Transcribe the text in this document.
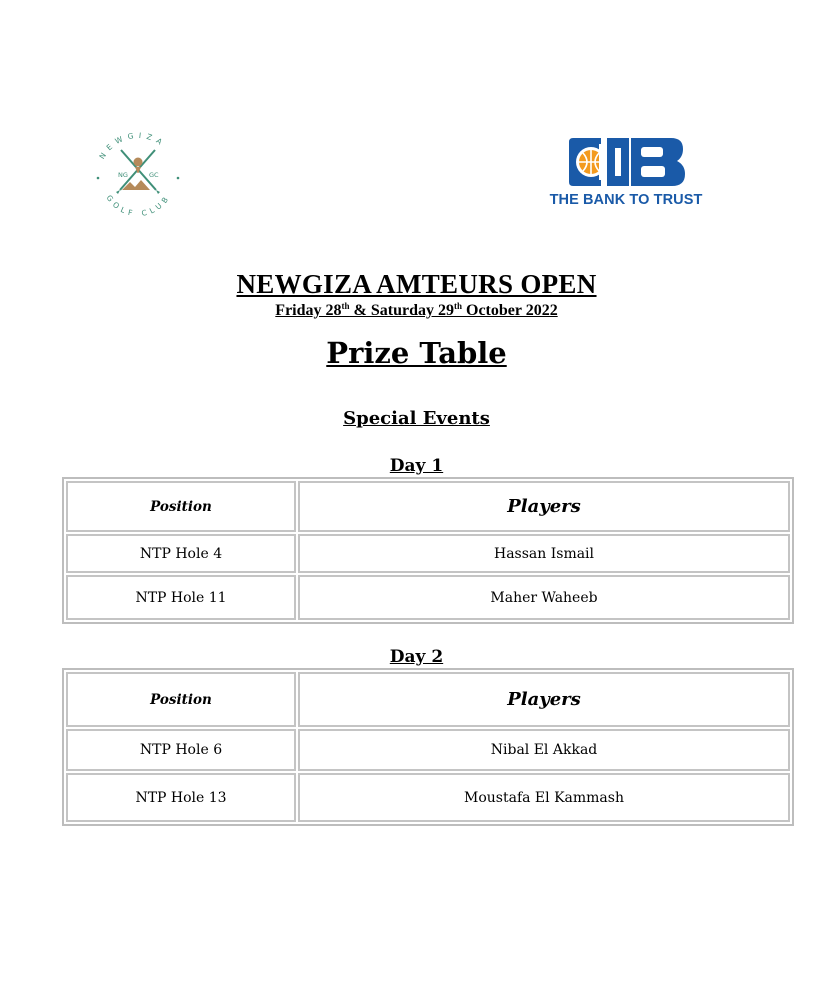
NEWGIZA
GOLF CLUB
NG	GC
THE BANK TO TRUST
NEWGIZA AMTEURS OPEN
Friday 28th & Saturday 29th October 2022
Prize Table
Special Events
Day 1
Position	Players
NTP Hole 4	Hassan Ismail
NTP Hole 11	Maher Waheeb
Day 2
Position	Players
NTP Hole 6	Nibal El Akkad
NTP Hole 13	Moustafa El Kammash
